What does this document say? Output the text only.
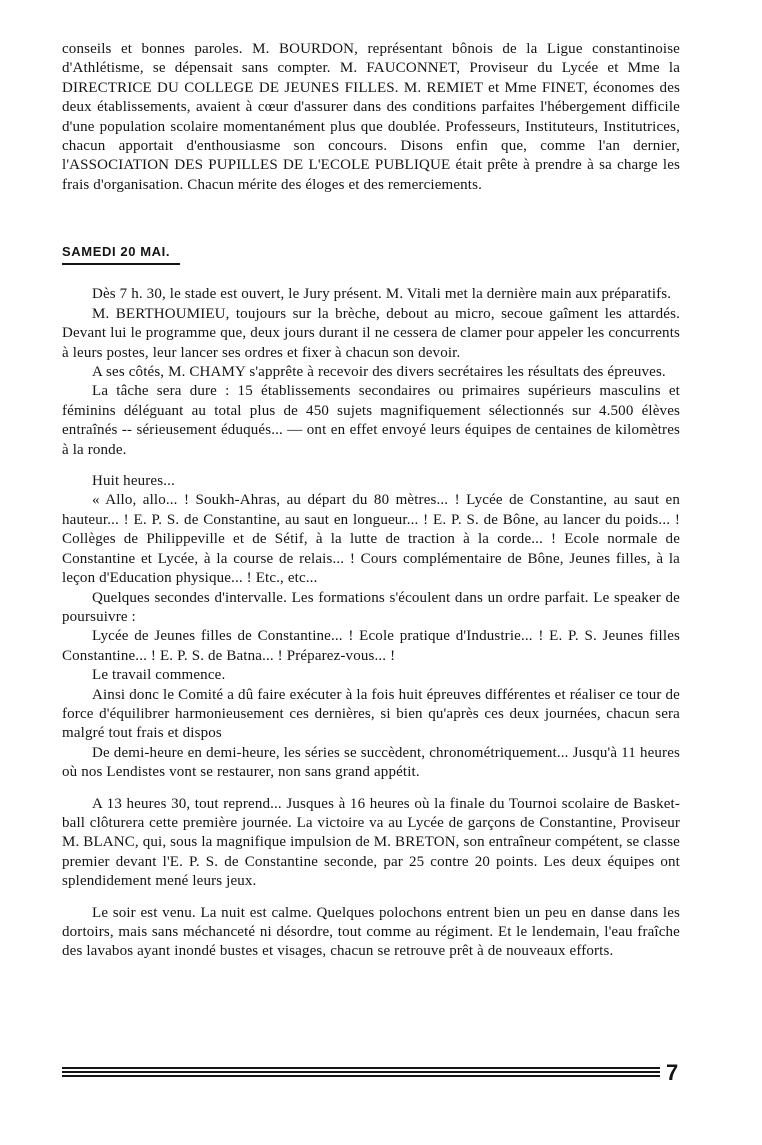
conseils et bonnes paroles. M. BOURDON, représentant bônois de la Ligue constantinoise d'Athlétisme, se dépensait sans compter. M. FAUCONNET, Proviseur du Lycée et Mme la DIRECTRICE DU COLLEGE DE JEUNES FILLES. M. REMIET et Mme FINET, économes des deux établissements, avaient à cœur d'assurer dans des conditions parfaites l'hébergement difficile d'une population scolaire momentanément plus que doublée. Professeurs, Instituteurs, Institutrices, chacun apportait d'enthousiasme son concours. Disons enfin que, comme l'an dernier, l'ASSOCIATION DES PUPILLES DE L'ECOLE PUBLIQUE était prête à prendre à sa charge les frais d'organisation. Chacun mérite des éloges et des remerciements.

SAMEDI 20 MAI.

Dès 7 h. 30, le stade est ouvert, le Jury présent. M. Vitali met la dernière main aux préparatifs.

M. BERTHOUMIEU, toujours sur la brèche, debout au micro, secoue gaîment les attardés. Devant lui le programme que, deux jours durant il ne cessera de clamer pour appeler les concurrents à leurs postes, leur lancer ses ordres et fixer à chacun son devoir.

A ses côtés, M. CHAMY s'apprête à recevoir des divers secrétaires les résultats des épreuves.

La tâche sera dure : 15 établissements secondaires ou primaires supérieurs masculins et féminins déléguant au total plus de 450 sujets magnifiquement sélectionnés sur 4.500 élèves entraînés -- sérieusement éduqués... — ont en effet envoyé leurs équipes de centaines de kilomètres à la ronde.

Huit heures...

« Allo, allo... ! Soukh-Ahras, au départ du 80 mètres... ! Lycée de Constantine, au saut en hauteur... ! E. P. S. de Constantine, au saut en longueur... ! E. P. S. de Bône, au lancer du poids... ! Collèges de Philippeville et de Sétif, à la lutte de traction à la corde... ! Ecole normale de Constantine et Lycée, à la course de relais... ! Cours complémentaire de Bône, Jeunes filles, à la leçon d'Education physique... ! Etc., etc...

Quelques secondes d'intervalle. Les formations s'écoulent dans un ordre parfait. Le speaker de poursuivre :

Lycée de Jeunes filles de Constantine... ! Ecole pratique d'Industrie... ! E. P. S. Jeunes filles Constantine... ! E. P. S. de Batna... ! Préparez-vous... !

Le travail commence.

Ainsi donc le Comité a dû faire exécuter à la fois huit épreuves différentes et réaliser ce tour de force d'équilibrer harmonieusement ces dernières, si bien qu'après ces deux journées, chacun sera malgré tout frais et dispos

De demi-heure en demi-heure, les séries se succèdent, chronométriquement... Jusqu'à 11 heures où nos Lendistes vont se restaurer, non sans grand appétit.

A 13 heures 30, tout reprend... Jusques à 16 heures où la finale du Tournoi scolaire de Basket-ball clôturera cette première journée. La victoire va au Lycée de garçons de Constantine, Proviseur M. BLANC, qui, sous la magnifique impulsion de M. BRETON, son entraîneur compétent, se classe premier devant l'E. P. S. de Constantine seconde, par 25 contre 20 points. Les deux équipes ont splendidement mené leurs jeux.

Le soir est venu. La nuit est calme. Quelques polochons entrent bien un peu en danse dans les dortoirs, mais sans méchanceté ni désordre, tout comme au régiment. Et le lendemain, l'eau fraîche des lavabos ayant inondé bustes et visages, chacun se retrouve prêt à de nouveaux efforts.

7
